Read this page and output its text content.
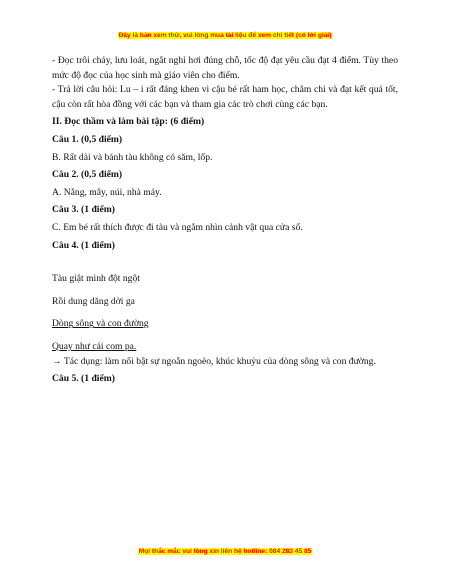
Đây là bản xem thử, vui lòng mua tài liệu để xem chi tiết (có lời giải)

- Đọc trôi chảy, lưu loát, ngắt nghỉ hơi đúng chỗ, tốc độ đạt yêu cầu đạt 4 điểm. Tùy theo mức độ đọc của học sinh mà giáo viên cho điểm.

- Trả lời câu hỏi: Lu – i rất đáng khen vì cậu bé rất ham học, chăm chỉ và đạt kết quả tốt, cậu còn rất hòa đồng với các bạn và tham gia các trò chơi cùng các bạn.

II. Đọc thầm và làm bài tập: (6 điểm)

Câu 1. (0,5 điểm)

B. Rất dài và bánh tàu không có săm, lốp.

Câu 2. (0,5 điểm)

A. Nắng, mây, núi, nhà máy.

Câu 3. (1 điểm)

C. Em bé rất thích được đi tàu và ngắm nhìn cảnh vật qua cửa sổ.

Câu 4. (1 điểm)

Tàu giật mình đột ngột

Rồi dung dăng dời ga

Dòng sông và con đường

Quay như cái com pa.

→ Tác dụng: làm nổi bật sự ngoằn ngoèo, khúc khuỷu của dòng sông và con đường.

Câu 5. (1 điểm)

Mọi thắc mắc vui lòng xin liên hệ hotline: 084 283 45 85
